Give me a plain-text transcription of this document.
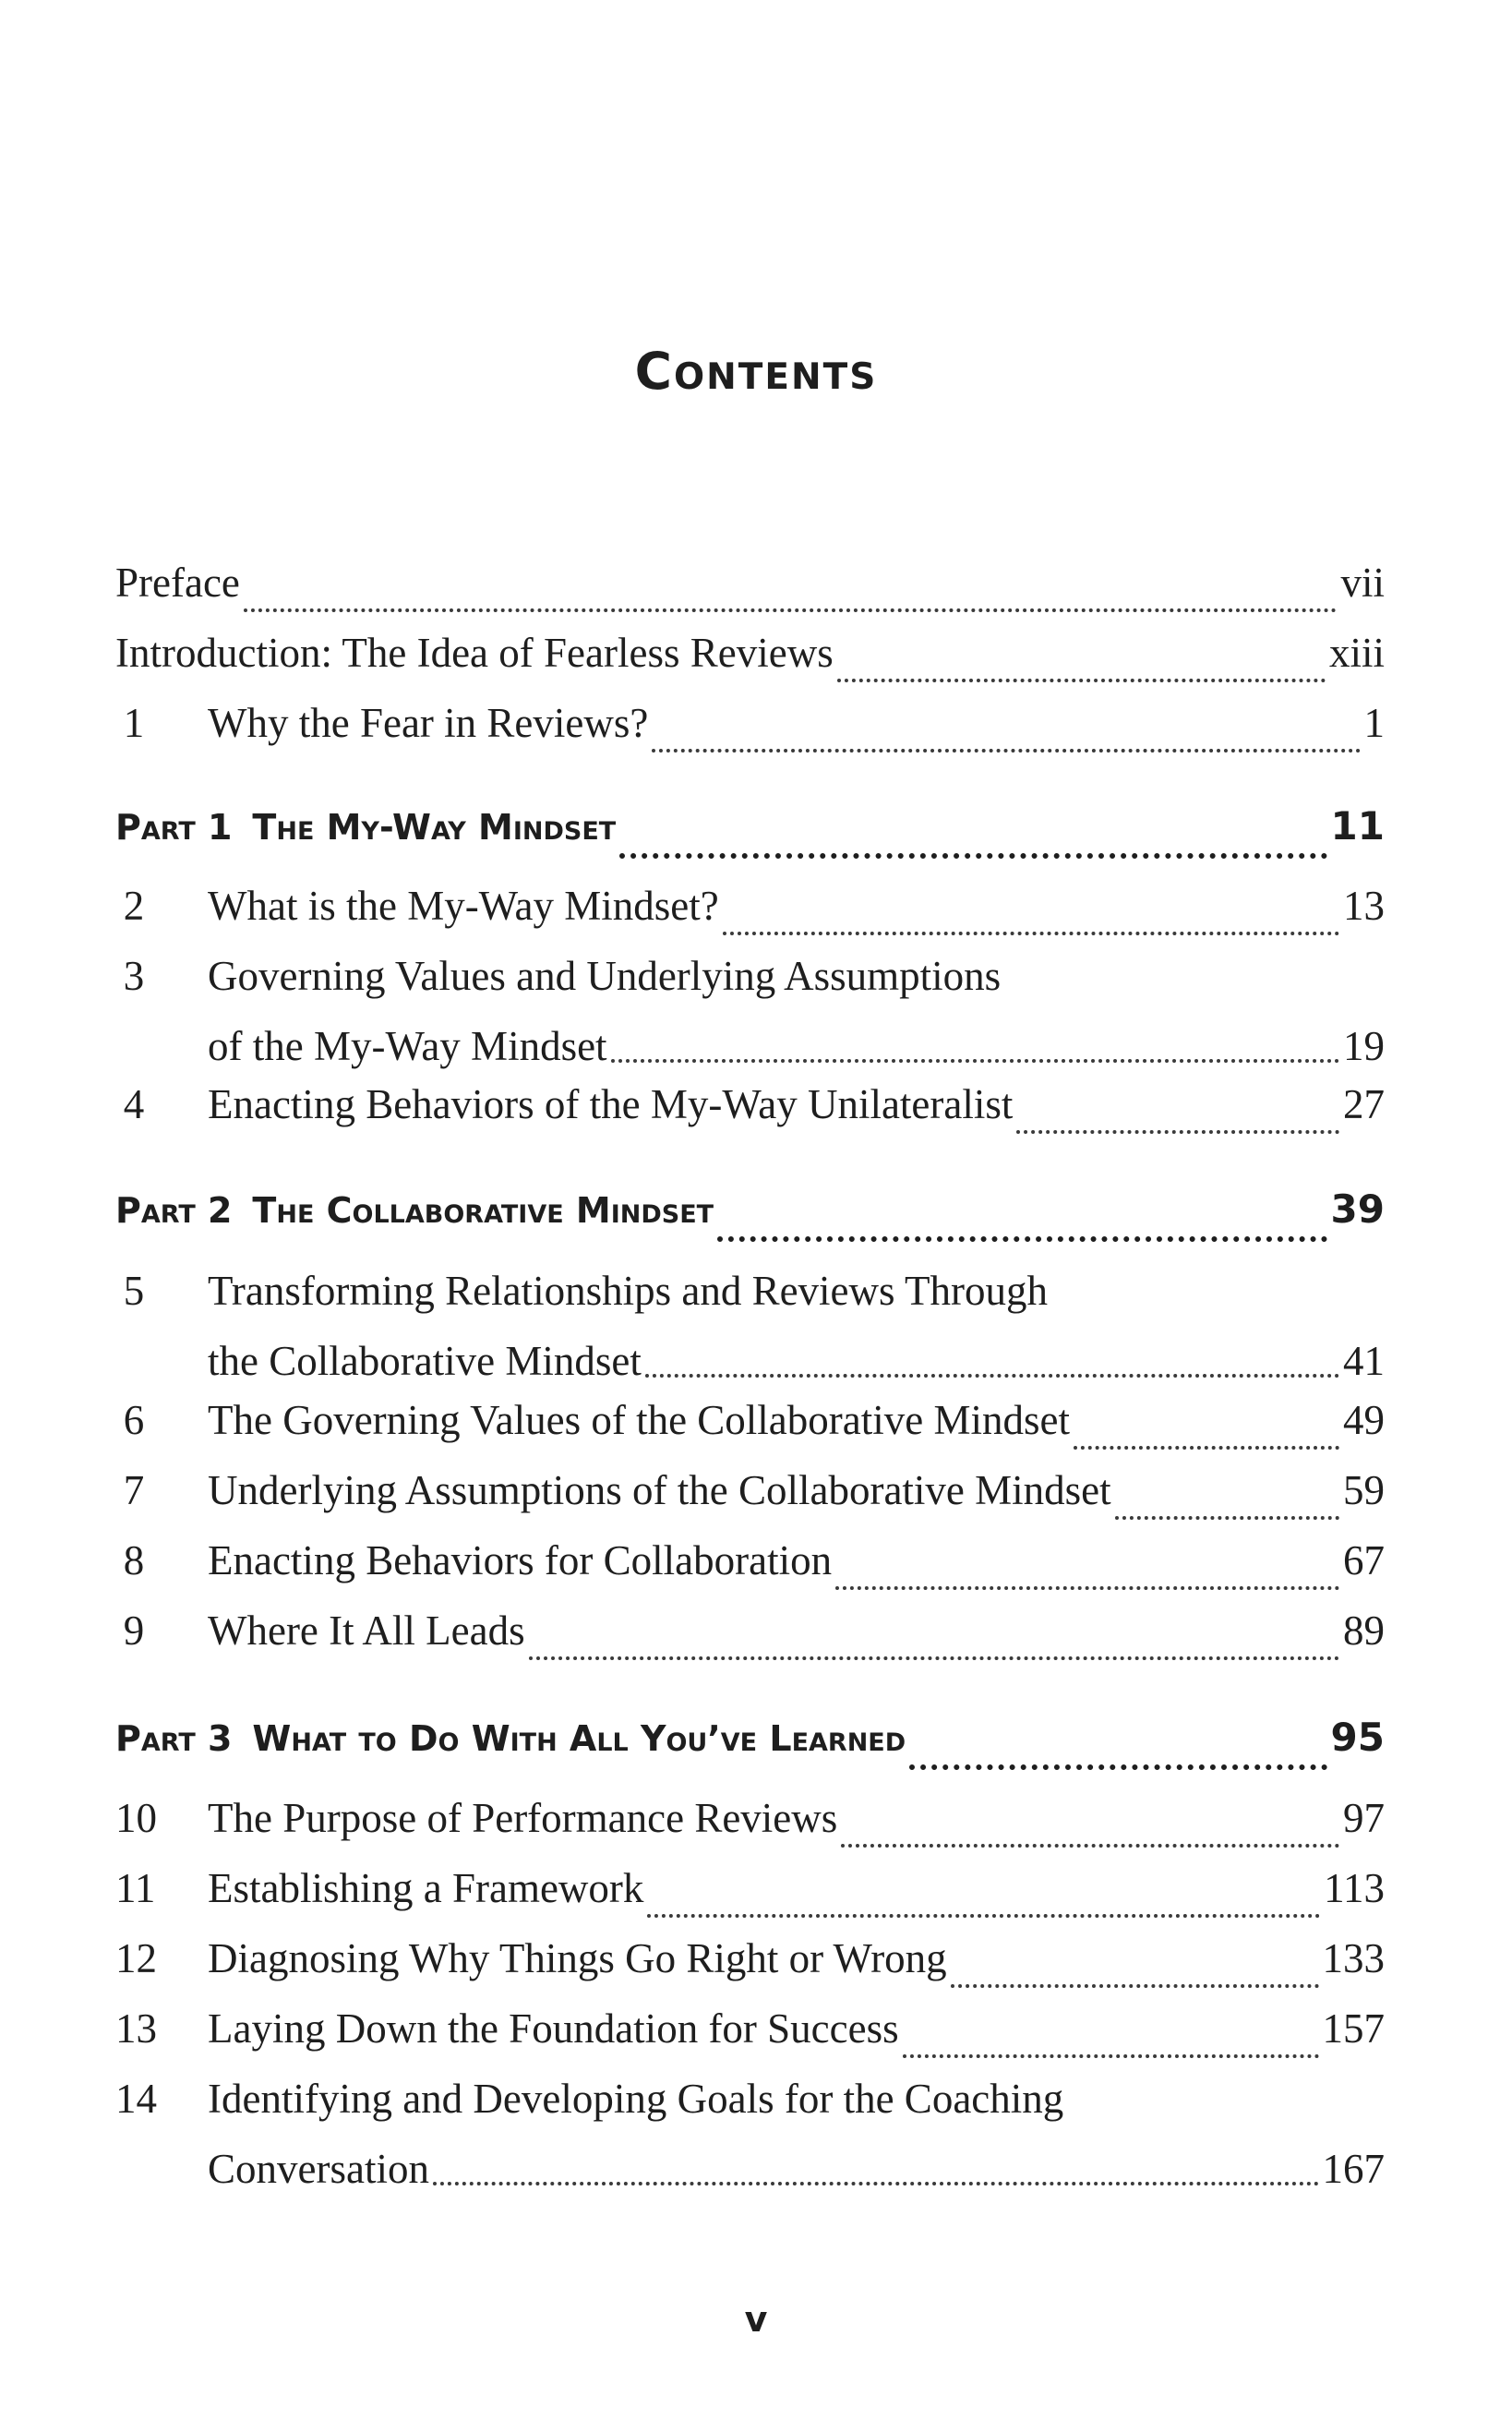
Contents
Preface	vii
Introduction: The Idea of Fearless Reviews	xiii
1 Why the Fear in Reviews?	1
Part 1 The My-Way Mindset	11
2 What is the My-Way Mindset?	13
3 Governing Values and Underlying Assumptions
of the My-Way Mindset	19
4 Enacting Behaviors of the My-Way Unilateralist	27
Part 2 The Collaborative Mindset	39
5 Transforming Relationships and Reviews Through
the Collaborative Mindset	41
6 The Governing Values of the Collaborative Mindset	49
7 Underlying Assumptions of the Collaborative Mindset	59
8 Enacting Behaviors for Collaboration	67
9 Where It All Leads	89
Part 3 What to Do With All You’ve Learned	95
10	The Purpose of Performance Reviews	97
11	Establishing a Framework	113
12	Diagnosing Why Things Go Right or Wrong	133
13	Laying Down the Foundation for Success	157
14	Identifying and Developing Goals for the Coaching
Conversation	167
v
